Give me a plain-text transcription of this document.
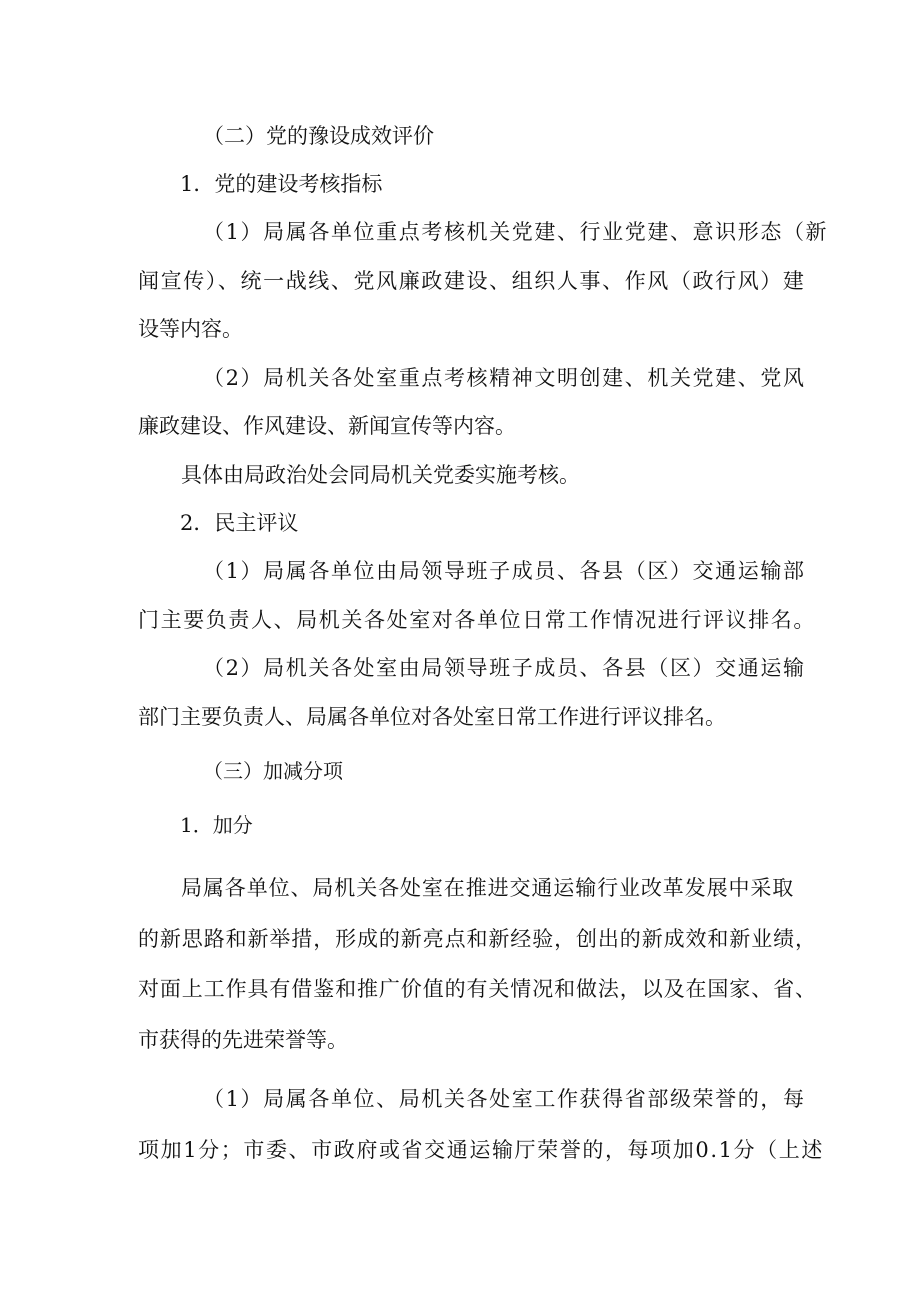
（二）党的豫设成效评价
1．党的建设考核指标
（1）局属各单位重点考核机关党建、行业党建、意识形态（新
闻宣传）、统一战线、党风廉政建设、组织人事、作风（政行风）建
设等内容。
（2）局机关各处室重点考核精神文明创建、机关党建、党风
廉政建设、作风建设、新闻宣传等内容。
具体由局政治处会同局机关党委实施考核。
2．民主评议
（1）局属各单位由局领导班子成员、各县（区）交通运输部
门主要负责人、局机关各处室对各单位日常工作情况进行评议排名。
（2）局机关各处室由局领导班子成员、各县（区）交通运输
部门主要负责人、局属各单位对各处室日常工作进行评议排名。
（三）加减分项
1．加分
局属各单位、局机关各处室在推进交通运输行业改革发展中采取
的新思路和新举措，形成的新亮点和新经验，创出的新成效和新业绩，
对面上工作具有借鉴和推广价值的有关情况和做法，以及在国家、省、
市获得的先进荣誉等。
（1）局属各单位、局机关各处室工作获得省部级荣誉的，每
项加1分；市委、市政府或省交通运输厅荣誉的，每项加0.1分（上述
